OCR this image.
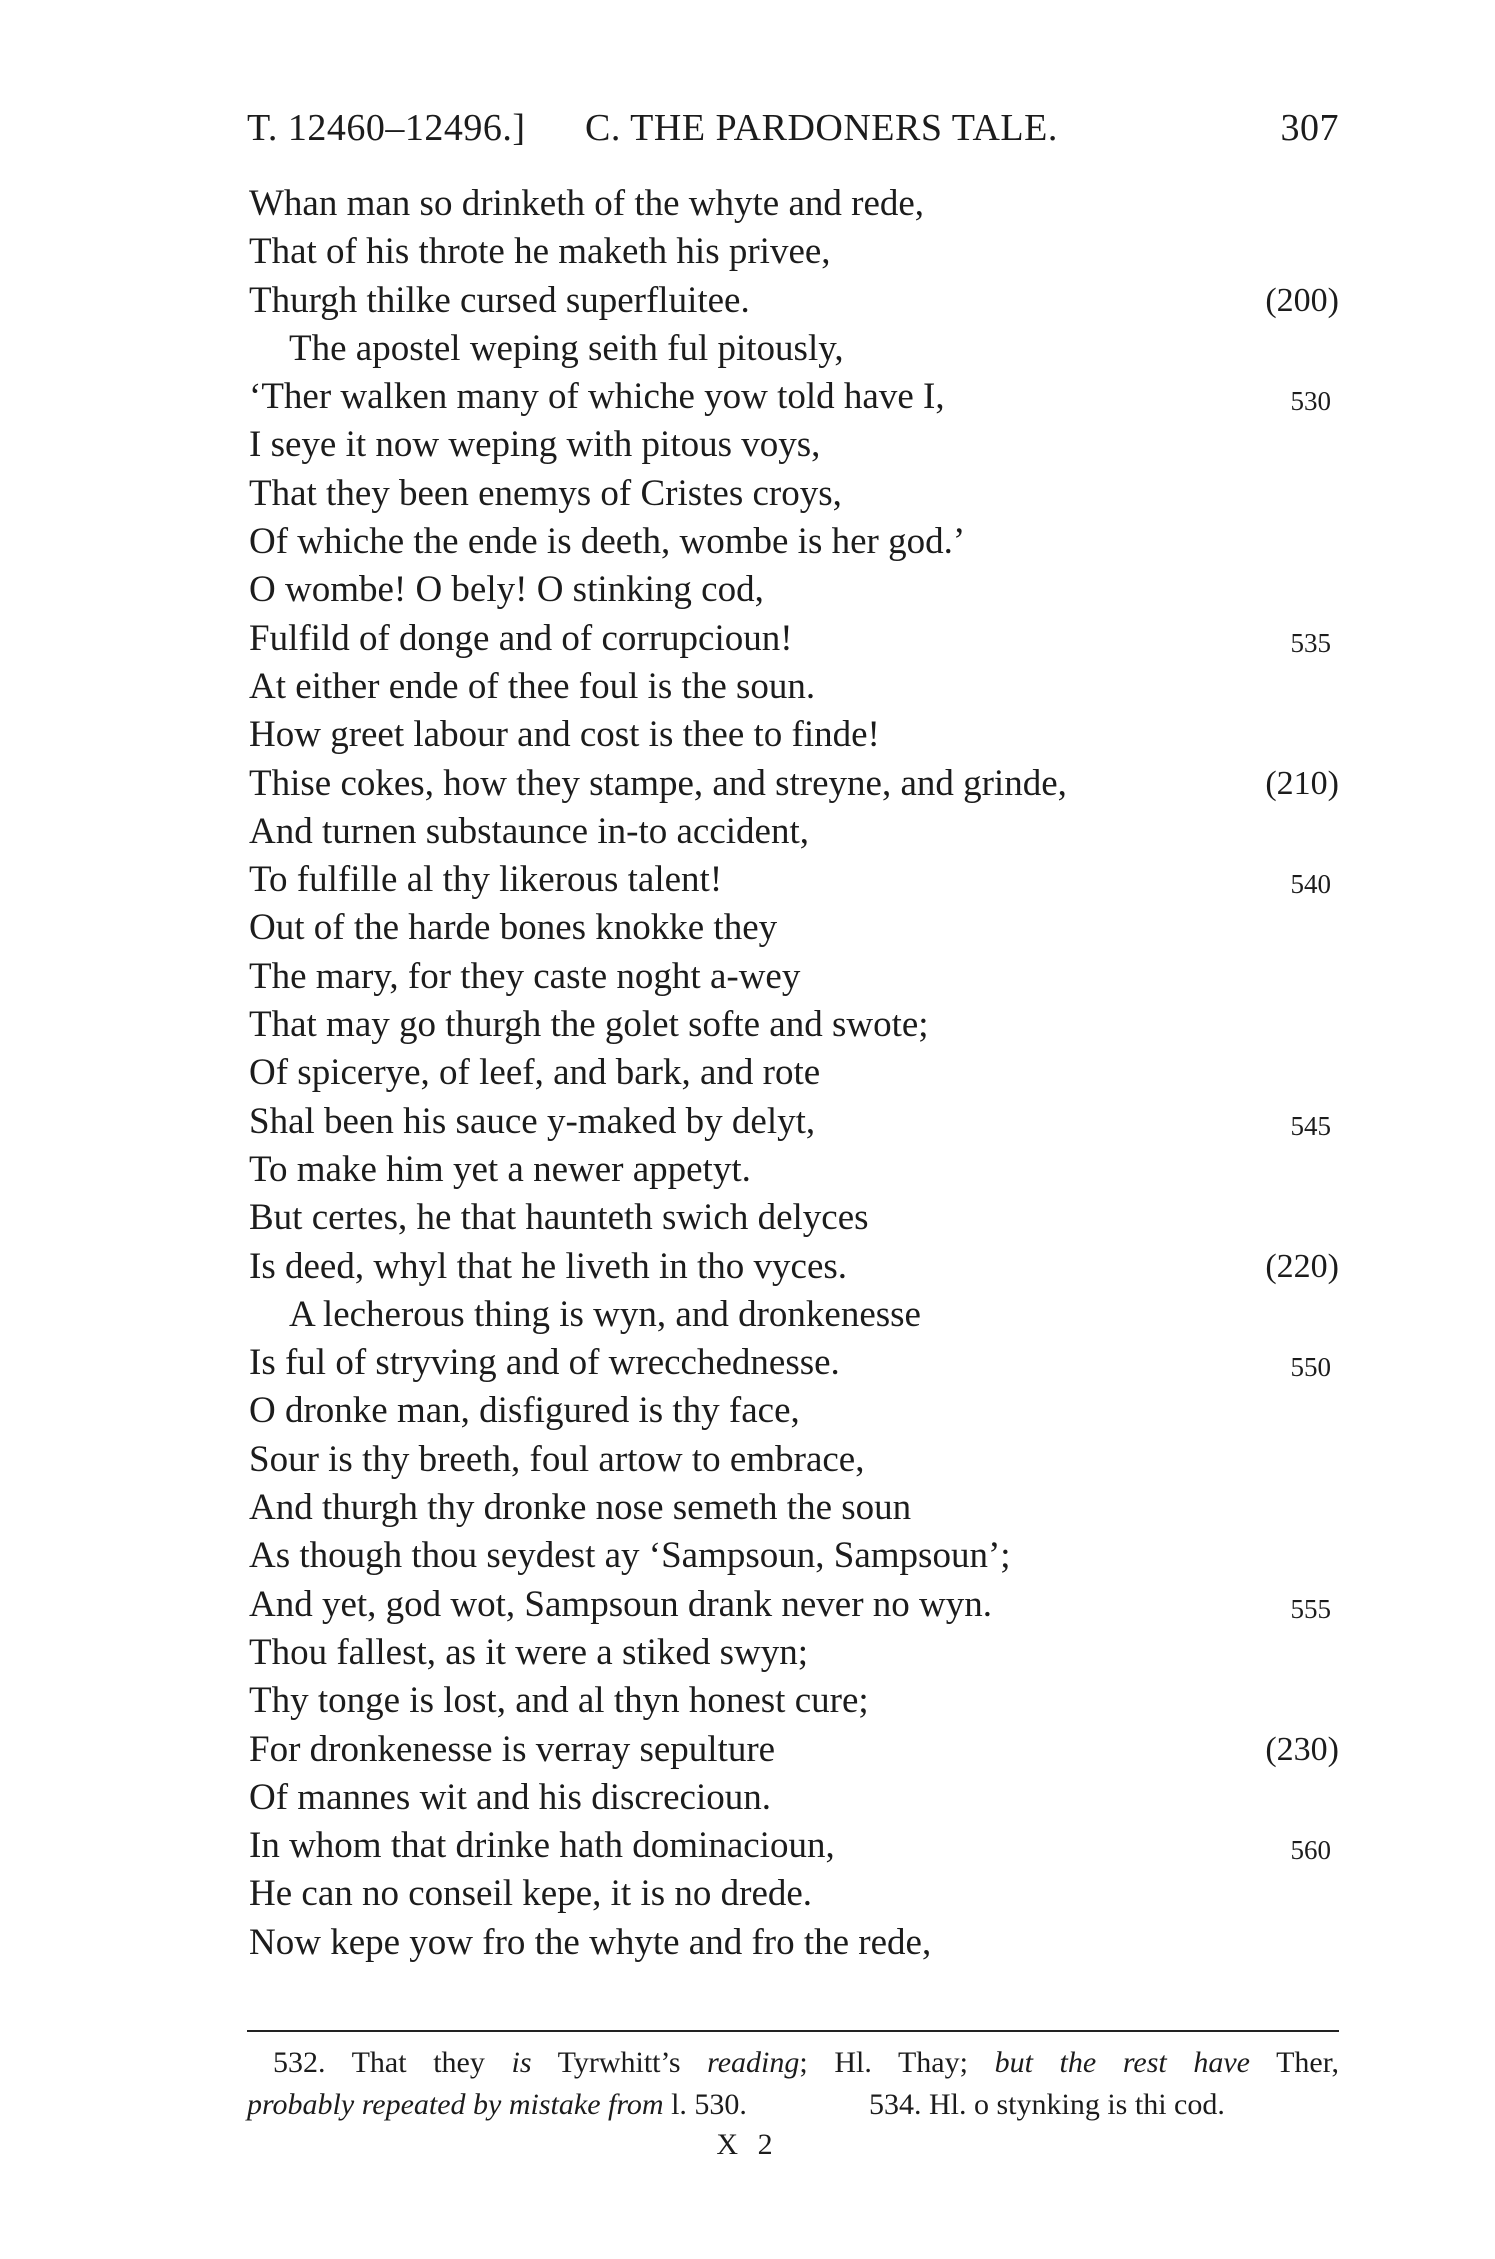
T. 12460–12496.] C. THE PARDONERS TALE.	307
Whan man so drinketh of the whyte and rede,
That of his throte he maketh his privee,
Thurgh thilke cursed superfluitee.	(200)
The apostel weping seith ful pitously,
‘Ther walken many of whiche yow told have I,	530
I seye it now weping with pitous voys,
That they been enemys of Cristes croys,
Of whiche the ende is deeth, wombe is her god.’
O wombe! O bely! O stinking cod,
Fulfild of donge and of corrupcioun!	535
At either ende of thee foul is the soun.
How greet labour and cost is thee to finde!
Thise cokes, how they stampe, and streyne, and grinde,	(210)
And turnen substaunce in-to accident,
To fulfille al thy likerous talent!	540
Out of the harde bones knokke they
The mary, for they caste noght a-wey
That may go thurgh the golet softe and swote;
Of spicerye, of leef, and bark, and rote
Shal been his sauce y-maked by delyt,	545
To make him yet a newer appetyt.
But certes, he that haunteth swich delyces
Is deed, whyl that he liveth in tho vyces.	(220)
A lecherous thing is wyn, and dronkenesse
Is ful of stryving and of wrecchednesse.	550
O dronke man, disfigured is thy face,
Sour is thy breeth, foul artow to embrace,
And thurgh thy dronke nose semeth the soun
As though thou seydest ay ‘Sampsoun, Sampsoun’;
And yet, god wot, Sampsoun drank never no wyn.	555
Thou fallest, as it were a stiked swyn;
Thy tonge is lost, and al thyn honest cure;
For dronkenesse is verray sepulture	(230)
Of mannes wit and his discrecioun.
In whom that drinke hath dominacioun,	560
He can no conseil kepe, it is no drede.
Now kepe yow fro the whyte and fro the rede,
532. That they is Tyrwhitt’s reading; Hl. Thay; but the rest have Ther,
probably repeated by mistake from l. 530.	534. Hl. o stynking is thi cod.
X 2
